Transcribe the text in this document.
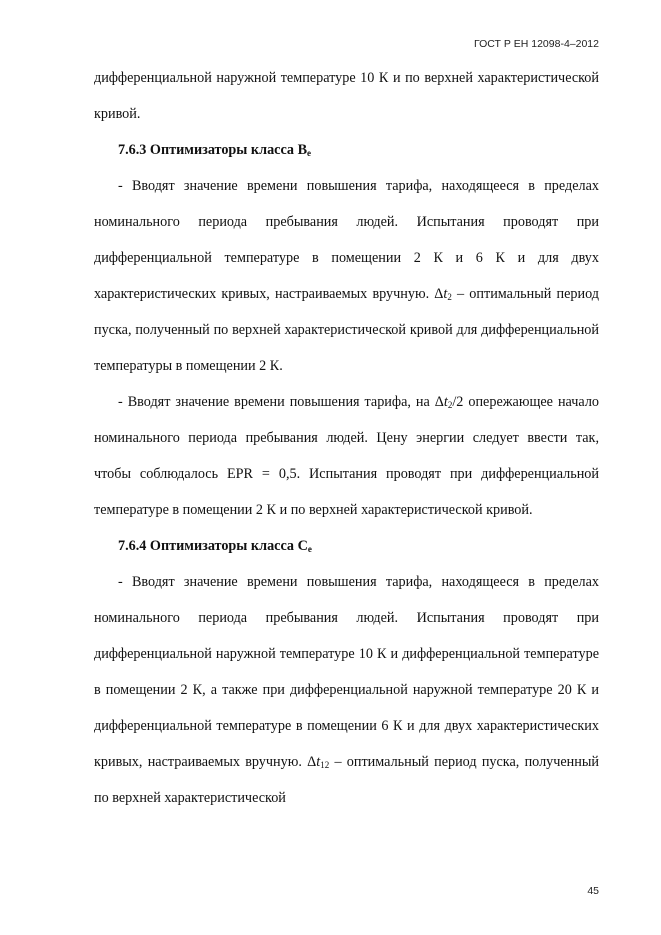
ГОСТ Р ЕН 12098-4–2012

дифференциальной наружной температуре 10 К и по верхней характеристической кривой.

7.6.3 Оптимизаторы класса $B_e$

- Вводят значение времени повышения тарифа, находящееся в пределах номинального периода пребывания людей. Испытания проводят при дифференциальной температуре в помещении 2 К и 6 К и для двух характеристических кривых, настраиваемых вручную. $\Delta t_2$ – оптимальный период пуска, полученный по верхней характеристической кривой для дифференциальной температуры в помещении 2 К.

- Вводят значение времени повышения тарифа, на $\Delta t_2/2$ опережающее начало номинального периода пребывания людей. Цену энергии следует ввести так, чтобы соблюдалось EPR = 0,5. Испытания проводят при дифференциальной температуре в помещении 2 К и по верхней характеристической кривой.

7.6.4 Оптимизаторы класса $C_e$

- Вводят значение времени повышения тарифа, находящееся в пределах номинального периода пребывания людей. Испытания проводят при дифференциальной наружной температуре 10 К и дифференциальной температуре в помещении 2 К, а также при дифференциальной наружной температуре 20 К и дифференциальной температуре в помещении 6 К и для двух характеристических кривых, настраиваемых вручную. $\Delta t_{12}$ – оптимальный период пуска, полученный по верхней характеристической

45
